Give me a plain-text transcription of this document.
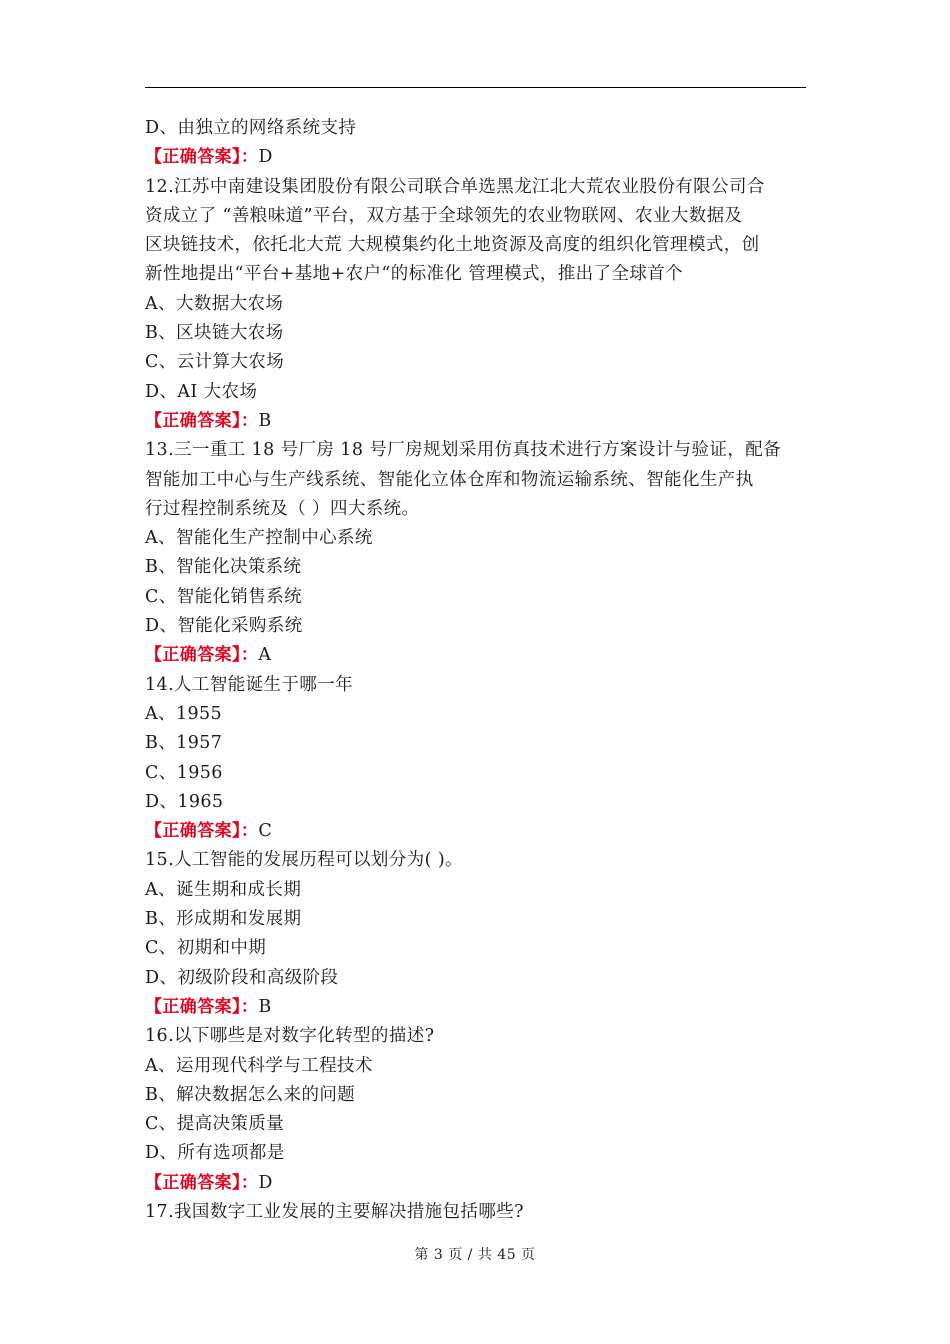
D、由独立的网络系统支持
【正确答案】：D
12.江苏中南建设集团股份有限公司联合单选黑龙江北大荒农业股份有限公司合
资成立了 “善粮味道”平台，双方基于全球领先的农业物联网、农业大数据及
区块链技术，依托北大荒 大规模集约化土地资源及高度的组织化管理模式，创
新性地提出“平台+基地+农户“的标准化 管理模式，推出了全球首个
A、大数据大农场
B、区块链大农场
C、云计算大农场
D、AI 大农场
【正确答案】：B
13.三一重工 18 号厂房 18 号厂房规划采用仿真技术进行方案设计与验证，配备
智能加工中心与生产线系统、智能化立体仓库和物流运输系统、智能化生产执
行过程控制系统及（ ）四大系统。
A、智能化生产控制中心系统
B、智能化决策系统
C、智能化销售系统
D、智能化采购系统
【正确答案】：A
14.人工智能诞生于哪一年
A、1955
B、1957
C、1956
D、1965
【正确答案】：C
15.人工智能的发展历程可以划分为( )。
A、诞生期和成长期
B、形成期和发展期
C、初期和中期
D、初级阶段和高级阶段
【正确答案】：B
16.以下哪些是对数字化转型的描述?
A、运用现代科学与工程技术
B、解决数据怎么来的问题
C、提高决策质量
D、所有选项都是
【正确答案】：D
17.我国数字工业发展的主要解决措施包括哪些?
第 3 页 / 共 45 页
